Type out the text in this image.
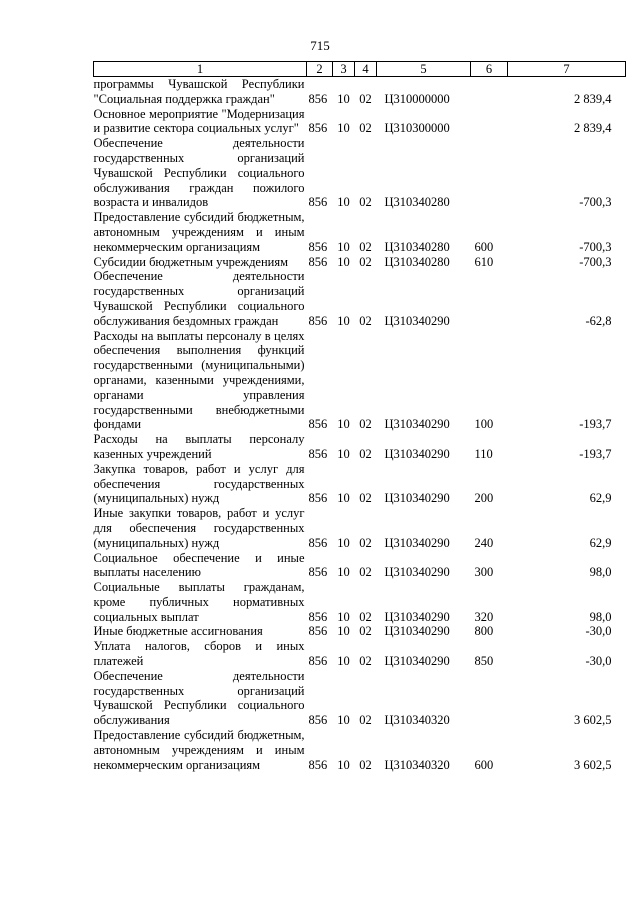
715
1	2	3	4	5	6	7
программы Чувашской Республики "Социальная поддержка граждан"	856	10	02	Ц310000000		2 839,4
Основное мероприятие "Модернизация и развитие сектора социальных услуг"	856	10	02	Ц310300000		2 839,4
Обеспечение деятельности государственных организаций Чувашской Республики социального обслуживания граждан пожилого возраста и инвалидов	856	10	02	Ц310340280		-700,3
Предоставление субсидий бюджетным, автономным учреждениям и иным некоммерческим организациям	856	10	02	Ц310340280	600	-700,3
Субсидии бюджетным учреждениям	856	10	02	Ц310340280	610	-700,3
Обеспечение деятельности государственных организаций Чувашской Республики социального обслуживания бездомных граждан	856	10	02	Ц310340290		-62,8
Расходы на выплаты персоналу в целях обеспечения выполнения функций государственными (муниципальными) органами, казенными учреждениями, органами управления государственными внебюджетными фондами	856	10	02	Ц310340290	100	-193,7
Расходы на выплаты персоналу казенных учреждений	856	10	02	Ц310340290	110	-193,7
Закупка товаров, работ и услуг для обеспечения государственных (муниципальных) нужд	856	10	02	Ц310340290	200	62,9
Иные закупки товаров, работ и услуг для обеспечения государственных (муниципальных) нужд	856	10	02	Ц310340290	240	62,9
Социальное обеспечение и иные выплаты населению	856	10	02	Ц310340290	300	98,0
Социальные выплаты гражданам, кроме публичных нормативных социальных выплат	856	10	02	Ц310340290	320	98,0
Иные бюджетные ассигнования	856	10	02	Ц310340290	800	-30,0
Уплата налогов, сборов и иных платежей	856	10	02	Ц310340290	850	-30,0
Обеспечение деятельности государственных организаций Чувашской Республики социального обслуживания	856	10	02	Ц310340320		3 602,5
Предоставление субсидий бюджетным, автономным учреждениям и иным некоммерческим организациям	856	10	02	Ц310340320	600	3 602,5
